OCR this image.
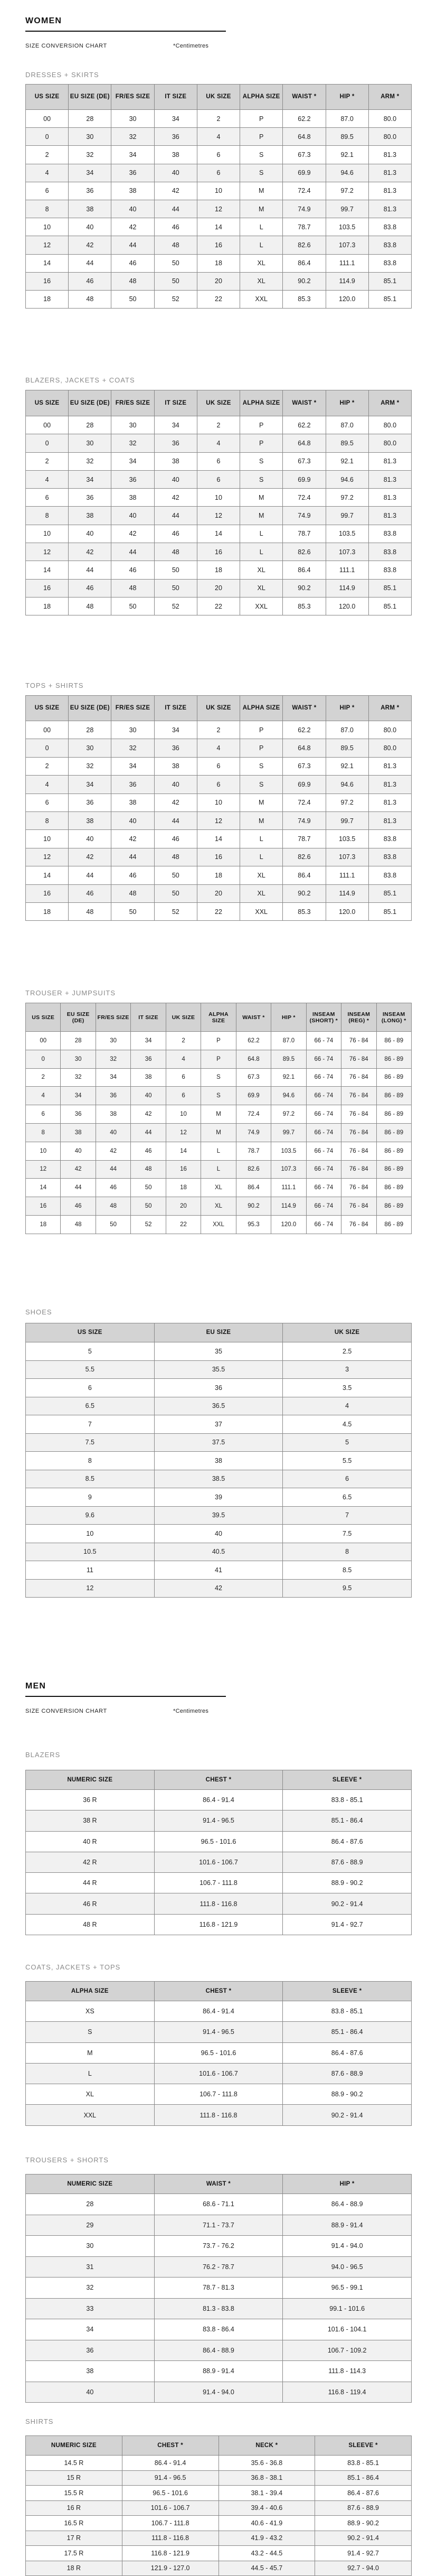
WOMEN
SIZE CONVERSION CHART	*Centimetres
DRESSES + SKIRTS
US SIZE	EU SIZE (DE)	FR/ES SIZE	IT SIZE	UK SIZE	ALPHA SIZE	WAIST *	HIP *	ARM *
00	28	30	34	2	P	62.2	87.0	80.0
0	30	32	36	4	P	64.8	89.5	80.0
2	32	34	38	6	S	67.3	92.1	81.3
4	34	36	40	6	S	69.9	94.6	81.3
6	36	38	42	10	M	72.4	97.2	81.3
8	38	40	44	12	M	74.9	99.7	81.3
10	40	42	46	14	L	78.7	103.5	83.8
12	42	44	48	16	L	82.6	107.3	83.8
14	44	46	50	18	XL	86.4	111.1	83.8
16	46	48	50	20	XL	90.2	114.9	85.1
18	48	50	52	22	XXL	85.3	120.0	85.1
BLAZERS, JACKETS + COATS
US SIZE	EU SIZE (DE)	FR/ES SIZE	IT SIZE	UK SIZE	ALPHA SIZE	WAIST *	HIP *	ARM *
00	28	30	34	2	P	62.2	87.0	80.0
0	30	32	36	4	P	64.8	89.5	80.0
2	32	34	38	6	S	67.3	92.1	81.3
4	34	36	40	6	S	69.9	94.6	81.3
6	36	38	42	10	M	72.4	97.2	81.3
8	38	40	44	12	M	74.9	99.7	81.3
10	40	42	46	14	L	78.7	103.5	83.8
12	42	44	48	16	L	82.6	107.3	83.8
14	44	46	50	18	XL	86.4	111.1	83.8
16	46	48	50	20	XL	90.2	114.9	85.1
18	48	50	52	22	XXL	85.3	120.0	85.1
TOPS + SHIRTS
US SIZE	EU SIZE (DE)	FR/ES SIZE	IT SIZE	UK SIZE	ALPHA SIZE	WAIST *	HIP *	ARM *
00	28	30	34	2	P	62.2	87.0	80.0
0	30	32	36	4	P	64.8	89.5	80.0
2	32	34	38	6	S	67.3	92.1	81.3
4	34	36	40	6	S	69.9	94.6	81.3
6	36	38	42	10	M	72.4	97.2	81.3
8	38	40	44	12	M	74.9	99.7	81.3
10	40	42	46	14	L	78.7	103.5	83.8
12	42	44	48	16	L	82.6	107.3	83.8
14	44	46	50	18	XL	86.4	111.1	83.8
16	46	48	50	20	XL	90.2	114.9	85.1
18	48	50	52	22	XXL	85.3	120.0	85.1
TROUSER + JUMPSUITS
US SIZE	EU SIZE (DE)	FR/ES SIZE	IT SIZE	UK SIZE	ALPHA SIZE	WAIST *	HIP *	INSEAM (SHORT) *	INSEAM (REG) *	INSEAM (LONG) *
00	28	30	34	2	P	62.2	87.0	66 - 74	76 - 84	86 - 89
0	30	32	36	4	P	64.8	89.5	66 - 74	76 - 84	86 - 89
2	32	34	38	6	S	67.3	92.1	66 - 74	76 - 84	86 - 89
4	34	36	40	6	S	69.9	94.6	66 - 74	76 - 84	86 - 89
6	36	38	42	10	M	72.4	97.2	66 - 74	76 - 84	86 - 89
8	38	40	44	12	M	74.9	99.7	66 - 74	76 - 84	86 - 89
10	40	42	46	14	L	78.7	103.5	66 - 74	76 - 84	86 - 89
12	42	44	48	16	L	82.6	107.3	66 - 74	76 - 84	86 - 89
14	44	46	50	18	XL	86.4	111.1	66 - 74	76 - 84	86 - 89
16	46	48	50	20	XL	90.2	114.9	66 - 74	76 - 84	86 - 89
18	48	50	52	22	XXL	95.3	120.0	66 - 74	76 - 84	86 - 89
SHOES
US SIZE	EU SIZE	UK SIZE
5	35	2.5
5.5	35.5	3
6	36	3.5
6.5	36.5	4
7	37	4.5
7.5	37.5	5
8	38	5.5
8.5	38.5	6
9	39	6.5
9.6	39.5	7
10	40	7.5
10.5	40.5	8
11	41	8.5
12	42	9.5
MEN
SIZE CONVERSION CHART	*Centimetres
BLAZERS
NUMERIC SIZE	CHEST *	SLEEVE *
36 R	86.4 - 91.4	83.8 - 85.1
38 R	91.4 - 96.5	85.1 - 86.4
40 R	96.5 - 101.6	86.4 - 87.6
42 R	101.6 - 106.7	87.6 - 88.9
44 R	106.7 - 111.8	88.9 - 90.2
46 R	111.8 - 116.8	90.2 - 91.4
48 R	116.8 - 121.9	91.4 - 92.7
COATS, JACKETS + TOPS
ALPHA SIZE	CHEST *	SLEEVE *
XS	86.4 - 91.4	83.8 - 85.1
S	91.4 - 96.5	85.1 - 86.4
M	96.5 - 101.6	86.4 - 87.6
L	101.6 - 106.7	87.6 - 88.9
XL	106.7 - 111.8	88.9 - 90.2
XXL	111.8 - 116.8	90.2 - 91.4
TROUSERS + SHORTS
NUMERIC SIZE	WAIST *	HIP *
28	68.6 - 71.1	86.4 - 88.9
29	71.1 - 73.7	88.9 - 91.4
30	73.7 - 76.2	91.4 - 94.0
31	76.2 - 78.7	94.0 - 96.5
32	78.7 - 81.3	96.5 - 99.1
33	81.3 - 83.8	99.1 - 101.6
34	83.8 - 86.4	101.6 - 104.1
36	86.4 - 88.9	106.7 - 109.2
38	88.9 - 91.4	111.8 - 114.3
40	91.4 - 94.0	116.8 - 119.4
SHIRTS
NUMERIC SIZE	CHEST *	NECK *	SLEEVE *
14.5 R	86.4 - 91.4	35.6 - 36.8	83.8 - 85.1
15 R	91.4 - 96.5	36.8 - 38.1	85.1 - 86.4
15.5 R	96.5 - 101.6	38.1 - 39.4	86.4 - 87.6
16 R	101.6 - 106.7	39.4 - 40.6	87.6 - 88.9
16.5 R	106.7 - 111.8	40.6 - 41.9	88.9 - 90.2
17 R	111.8 - 116.8	41.9 - 43.2	90.2 - 91.4
17.5 R	116.8 - 121.9	43.2 - 44.5	91.4 - 92.7
18 R	121.9 - 127.0	44.5 - 45.7	92.7 - 94.0
